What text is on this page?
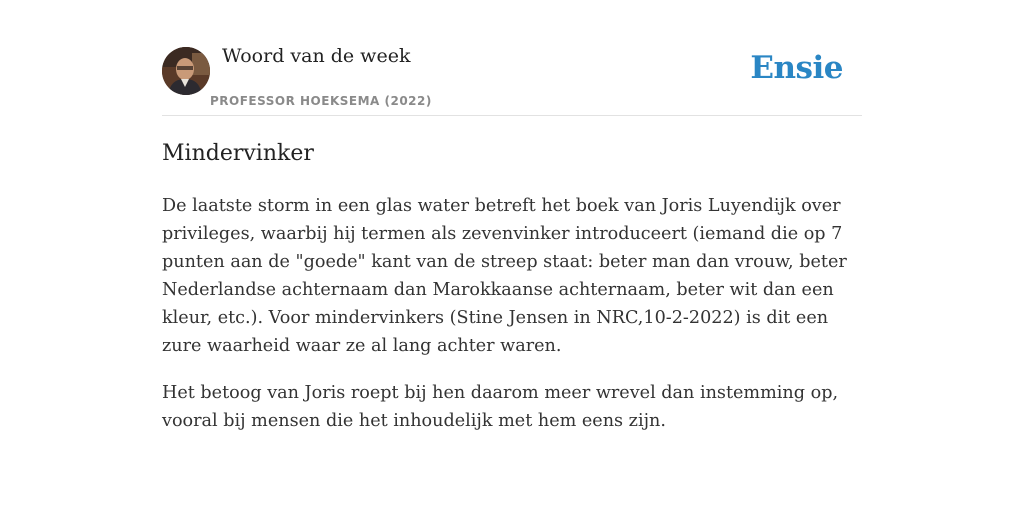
Woord van de week
PROFESSOR HOEKSEMA (2022)
Ensie
Mindervinker

De laatste storm in een glas water betreft het boek van Joris Luyendijk over privileges, waarbij hij termen als zevenvinker introduceert (iemand die op 7 punten aan de "goede" kant van de streep staat: beter man dan vrouw, beter Nederlandse achternaam dan Marokkaanse achternaam, beter wit dan een kleur, etc.). Voor mindervinkers (Stine Jensen in NRC,10-2-2022) is dit een zure waarheid waar ze al lang achter waren.

Het betoog van Joris roept bij hen daarom meer wrevel dan instemming op, vooral bij mensen die het inhoudelijk met hem eens zijn.
